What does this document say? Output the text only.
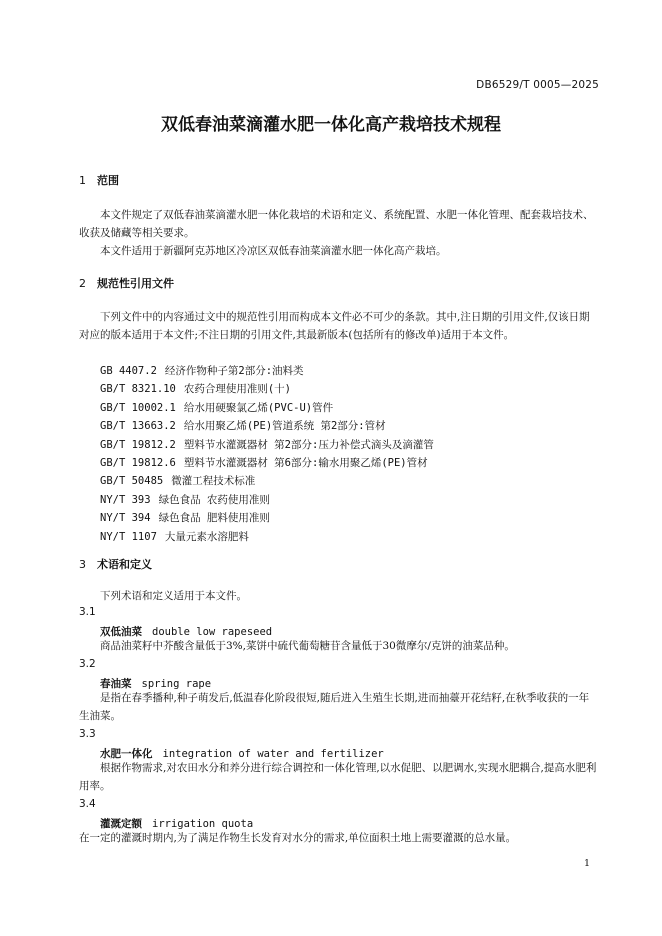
DB6529/T 0005—2025
双低春油菜滴灌水肥一体化高产栽培技术规程
1 范围

本文件规定了双低春油菜滴灌水肥一体化栽培的术语和定义、系统配置、水肥一体化管理、配套栽培技术、收获及储藏等相关要求。

本文件适用于新疆阿克苏地区冷凉区双低春油菜滴灌水肥一体化高产栽培。

2 规范性引用文件

下列文件中的内容通过文中的规范性引用而构成本文件必不可少的条款。其中,注日期的引用文件,仅该日期对应的版本适用于本文件;不注日期的引用文件,其最新版本(包括所有的修改单)适用于本文件。

GB 4407.2 经济作物种子第2部分:油料类
GB/T 8321.10 农药合理使用准则(十)
GB/T 10002.1 给水用硬聚氯乙烯(PVC-U)管件
GB/T 13663.2 给水用聚乙烯(PE)管道系统 第2部分:管材
GB/T 19812.2 塑料节水灌溉器材 第2部分:压力补偿式滴头及滴灌管
GB/T 19812.6 塑料节水灌溉器材 第6部分:输水用聚乙烯(PE)管材
GB/T 50485 微灌工程技术标准
NY/T 393 绿色食品 农药使用准则
NY/T 394 绿色食品 肥料使用准则
NY/T 1107 大量元素水溶肥料
3 术语和定义

下列术语和定义适用于本文件。

3.1
双低油菜 double low rapeseed

商品油菜籽中芥酸含量低于3%,菜饼中硫代葡萄糖苷含量低于30微摩尔/克饼的油菜品种。

3.2
春油菜 spring rape

是指在春季播种,种子萌发后,低温春化阶段很短,随后进入生殖生长期,进而抽薹开花结籽,在秋季收获的一年生油菜。

3.3
水肥一体化 integration of water and fertilizer

根据作物需求,对农田水分和养分进行综合调控和一体化管理,以水促肥、以肥调水,实现水肥耦合,提高水肥利用率。

3.4
灌溉定额 irrigation quota

在一定的灌溉时期内,为了满足作物生长发育对水分的需求,单位面积土地上需要灌溉的总水量。

1
